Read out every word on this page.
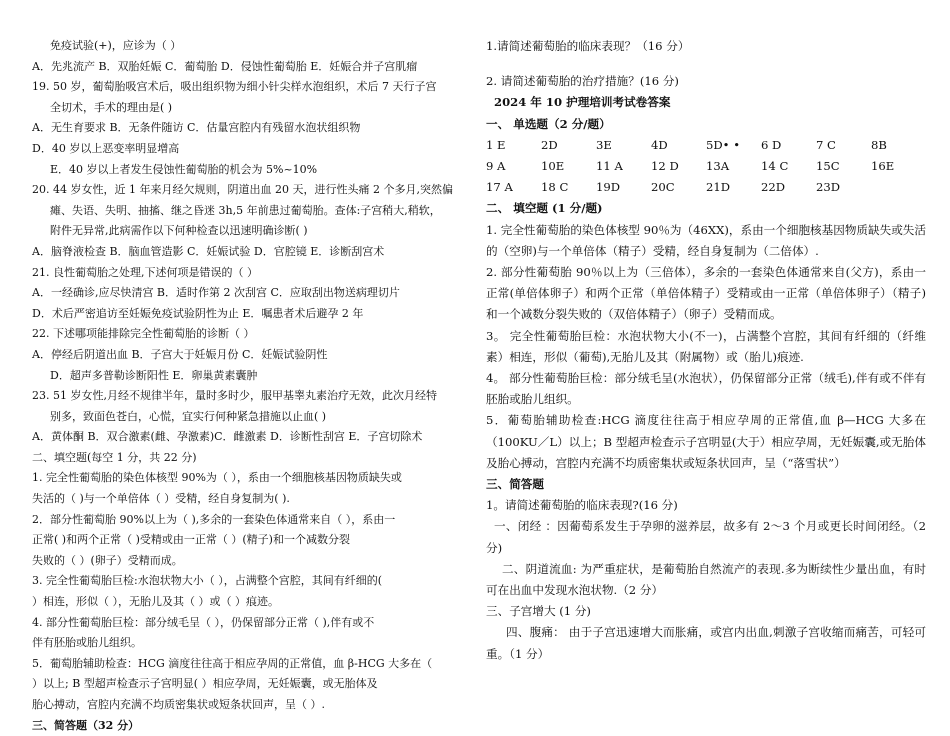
免疫试验(+)，应诊为（ ）
A．先兆流产 B．双胎妊娠 C．葡萄胎 D．侵蚀性葡萄胎 E．妊娠合并子宫肌瘤
19. 50 岁，葡萄胎吸宫术后，吸出组织物为细小针尖样水泡组织，术后 7 天行子宫
全切术，手术的理由是( )
A．无生育要求 B．无条件随访 C．估量宫腔内有残留水泡状组织物
D．40 岁以上恶变率明显增高
E．40 岁以上者发生侵蚀性葡萄胎的机会为 5%~10%
20. 44 岁女性，近 1 年来月经欠规则，阴道出血 20 天，进行性头痛 2 个多月,突然偏
瘫、失语、失明、抽搐、继之昏迷 3h,5 年前患过葡萄胎。查体:子宫稍大,稍软，
附件无异常,此病需作以下何种检查以迅速明确诊断( )
A．脑脊液检查 B．脑血管造影 C．妊娠试验 D．官腔镜 E．诊断刮宫术
21. 良性葡萄胎之处理,下述何项是错误的（ ）
A．一经确诊,应尽快清宫 B．适时作第 2 次刮宫 C．应取刮出物送病理切片
D．术后严密追访至妊娠免疫试验阴性为止 E．嘱患者术后避孕 2 年
22. 下述哪项能排除完全性葡萄胎的诊断（ ）
A．停经后阴道出血 B．子宫大于妊娠月份 C．妊娠试验阴性
D．超声多普勒诊断阳性 E．卵巢黄素囊肿
23. 51 岁女性,月经不规律半年，量时多时少，服甲基睾丸素治疗无效，此次月经特
别多，致面色苍白，心慌，宜实行何种紧急措施以止血( )
A．黄体酮 B．双合激素(雌、孕激素)C．雌激素 D．诊断性刮宫 E．子宫切除术
二、填空题(每空 1 分，共 22 分)
1. 完全性葡萄胎的染色体核型 90%为（ ），系由一个细胞核基因物质缺失或
失活的（ )与一个单倍体（ ）受精，经自身复制为( ).
2．部分性葡萄胎 90%以上为（ ),多余的一套染色体通常来自（ ），系由一
正常( )和两个正常（ )受精或由一正常（ ）(精子)和一个减数分裂
失败的（ ）(卵子）受精而成。
3. 完全性葡萄胎巨检:水泡状物大小（ ），占满整个宫腔，其间有纤细的(
）相连，形似（ ），无胎儿及其（ ）或（ ）痕迹。
4. 部分性葡萄胎巨检：部分绒毛呈（ ），仍保留部分正常（ ),伴有或不
伴有胚胎或胎儿组织。
5．葡萄胎辅助检查：HCG 滴度往往高于相应孕周的正常值，血 β-HCG 大多在（
）以上; B 型超声检查示子宫明显( ）相应孕周，无妊娠囊，或无胎体及
胎心搏动，宫腔内充满不均质密集状或短条状回声，呈（ ）.
三、简答题（32 分）
1.请简述葡萄胎的临床表现？（16 分）
2. 请简述葡萄胎的治疗措施？(16 分)
2024 年 10 护理培训考试卷答案
一、 单选题（2 分/题）
1 E	2D	3E	4D	5D• •	6 D	7 C	8B
9 A	10E	11 A	12 D	13A	14 C	15C	16E
17 A	18 C	19D	20C	21D	22D	23D
二、 填空题 (1 分/题)
1. 完全性葡萄胎的染色体核型 90％为（46XX)，系由一个细胞核基因物质缺失或失活的（空卵)与一个单倍体（精子）受精，经自身复制为（二倍体）.
2. 部分性葡萄胎 90％以上为（三倍体），多余的一套染色体通常来自(父方)，系由一正常(单倍体卵子）和两个正常（单倍体精子）受精或由一正常（单倍体卵子）（精子)和一个减数分裂失败的（双倍体精子）（卵子）受精而成。
3。 完全性葡萄胎巨检：水泡状物大小(不一)，占满整个宫腔，其间有纤细的（纤维素）相连，形似（葡萄),无胎儿及其（附属物）或（胎儿)痕迹.
4。 部分性葡萄胎巨检：部分绒毛呈(水泡状），仍保留部分正常（绒毛),伴有或不伴有胚胎或胎儿组织。
5．葡萄胎辅助检查:HCG 滴度往往高于相应孕周的正常值,血 β—HCG 大多在（100KU／L）以上；B 型超声检查示子宫明显(大于）相应孕周，无妊娠囊,或无胎体及胎心搏动，宫腔内充满不均质密集状或短条状回声，呈（“落雪状”）
三、简答题
1。请简述葡萄胎的临床表现?(16 分)
一、闭经 ：因葡萄系发生于孕卵的滋养层，故多有 2～3 个月或更长时间闭经。（2 分)
二、阴道流血: 为严重症状，是葡萄胎自然流产的表现.多为断续性少量出血，有时可在出血中发现水泡状物.（2 分）
三、子宫增大 (1 分)
四、腹痛： 由于子宫迅速增大而胀痛，或宫内出血,刺激子宫收缩而痛苦，可轻可重。（1 分）
